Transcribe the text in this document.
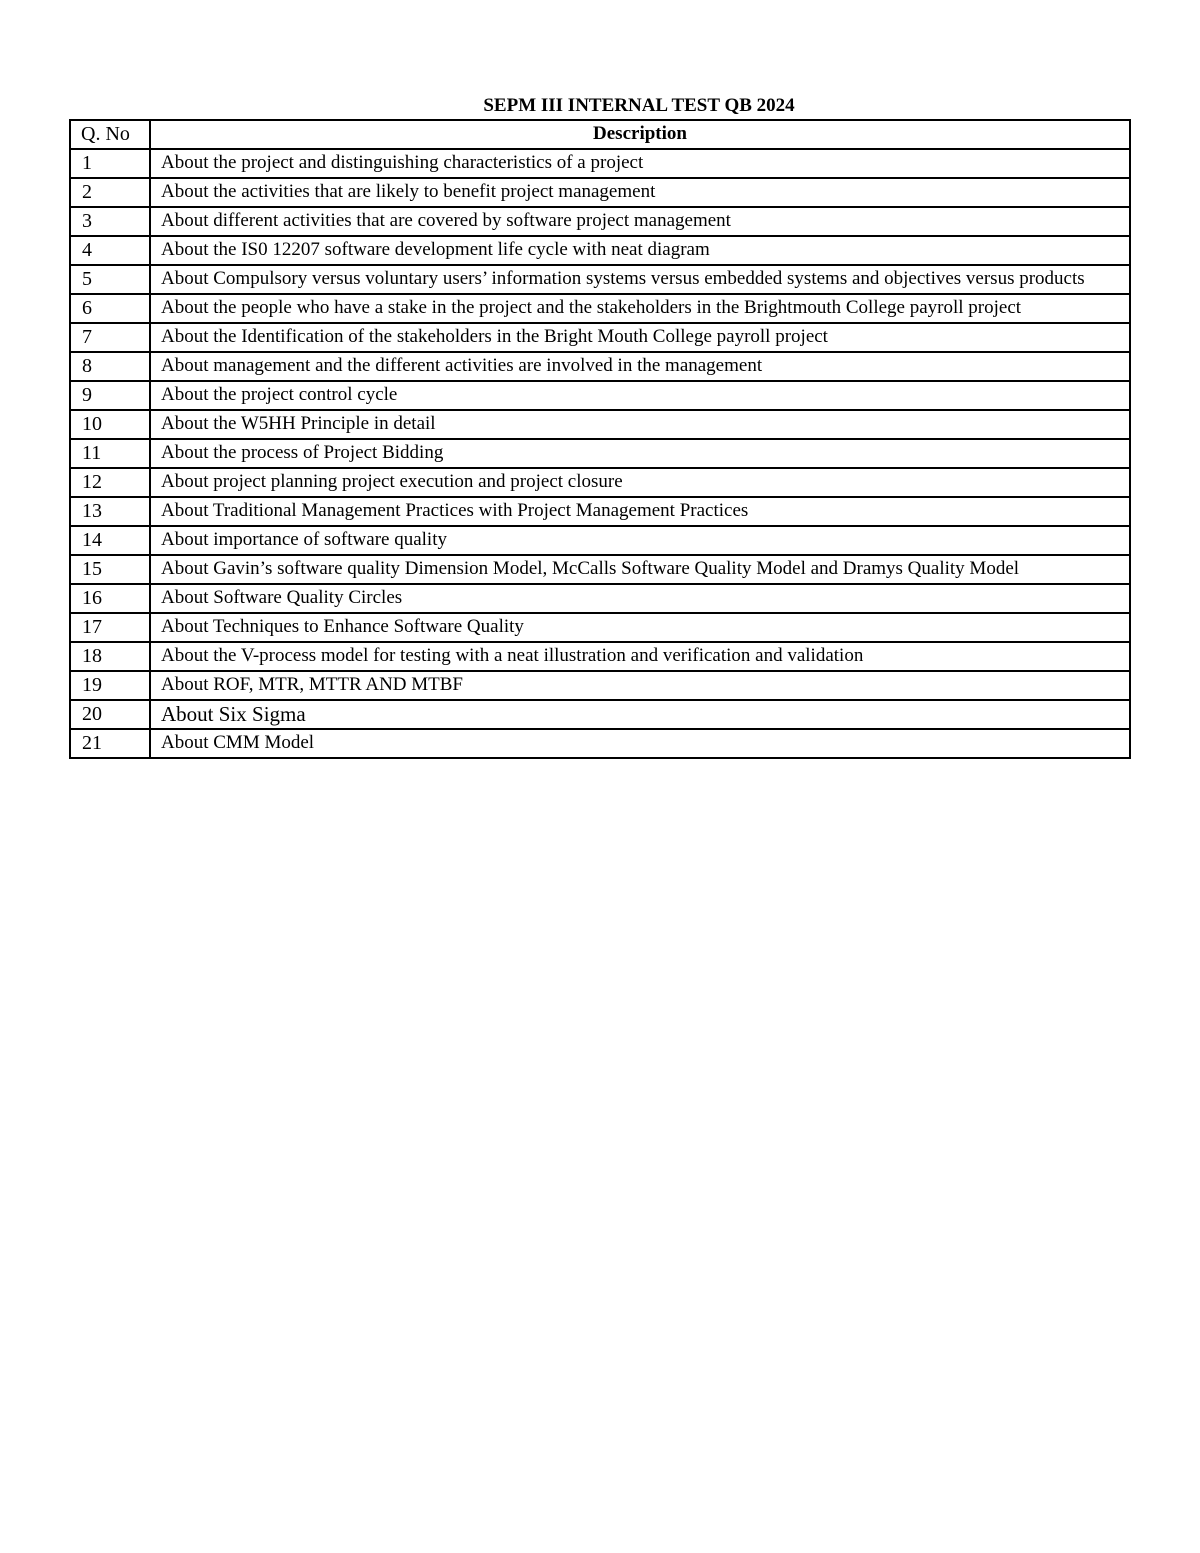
SEPM III INTERNAL TEST QB 2024
Q. No	Description
1	About the project and distinguishing characteristics of a project
2	About the activities that are likely to benefit project management
3	About different activities that are covered by software project management
4	About the IS0 12207 software development life cycle with neat diagram
5	About Compulsory versus voluntary users’ information systems versus embedded systems and objectives versus products
6	About the people who have a stake in the project and the stakeholders in the Brightmouth College payroll project
7	About the Identification of the stakeholders in the Bright Mouth College payroll project
8	About management and the different activities are involved in the management
9	About the project control cycle
10	About the W5HH Principle in detail
11	About the process of Project Bidding
12	About project planning project execution and project closure
13	About Traditional Management Practices with Project Management Practices
14	About importance of software quality
15	About Gavin’s software quality Dimension Model, McCalls Software Quality Model and Dramys Quality Model
16	About Software Quality Circles
17	About Techniques to Enhance Software Quality
18	About the V-process model for testing with a neat illustration and verification and validation
19	About ROF, MTR, MTTR AND MTBF
20	About Six Sigma
21	About CMM Model
